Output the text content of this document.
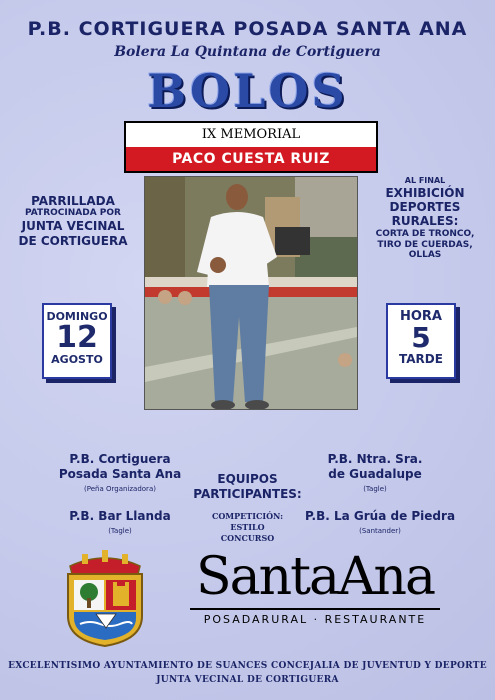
P.B. CORTIGUERA POSADA SANTA ANA
Bolera La Quintana de Cortiguera
BOLOS
IX MEMORIAL
PACO CUESTA RUIZ
PARRILLADA
PATROCINADA POR
JUNTA VECINAL
DE CORTIGUERA
AL FINAL
EXHIBICIÓN
DEPORTES
RURALES:
CORTA DE TRONCO,
TIRO DE CUERDAS,
OLLAS
DOMINGO
12
AGOSTO
HORA
5
TARDE
P.B. Cortiguera
Posada Santa Ana
(Peña Organizadora)
P.B. Ntra. Sra.
de Guadalupe
(Tagle)
P.B. Bar Llanda
(Tagle)
P.B. La Grúa de Piedra
(Santander)
EQUIPOS
PARTICIPANTES:
COMPETICIÓN:
ESTILO
CONCURSO
SantaAna
POSADARURAL · RESTAURANTE
EXCELENTISIMO AYUNTAMIENTO DE SUANCES CONCEJALIA DE JUVENTUD Y DEPORTE
JUNTA VECINAL DE CORTIGUERA
